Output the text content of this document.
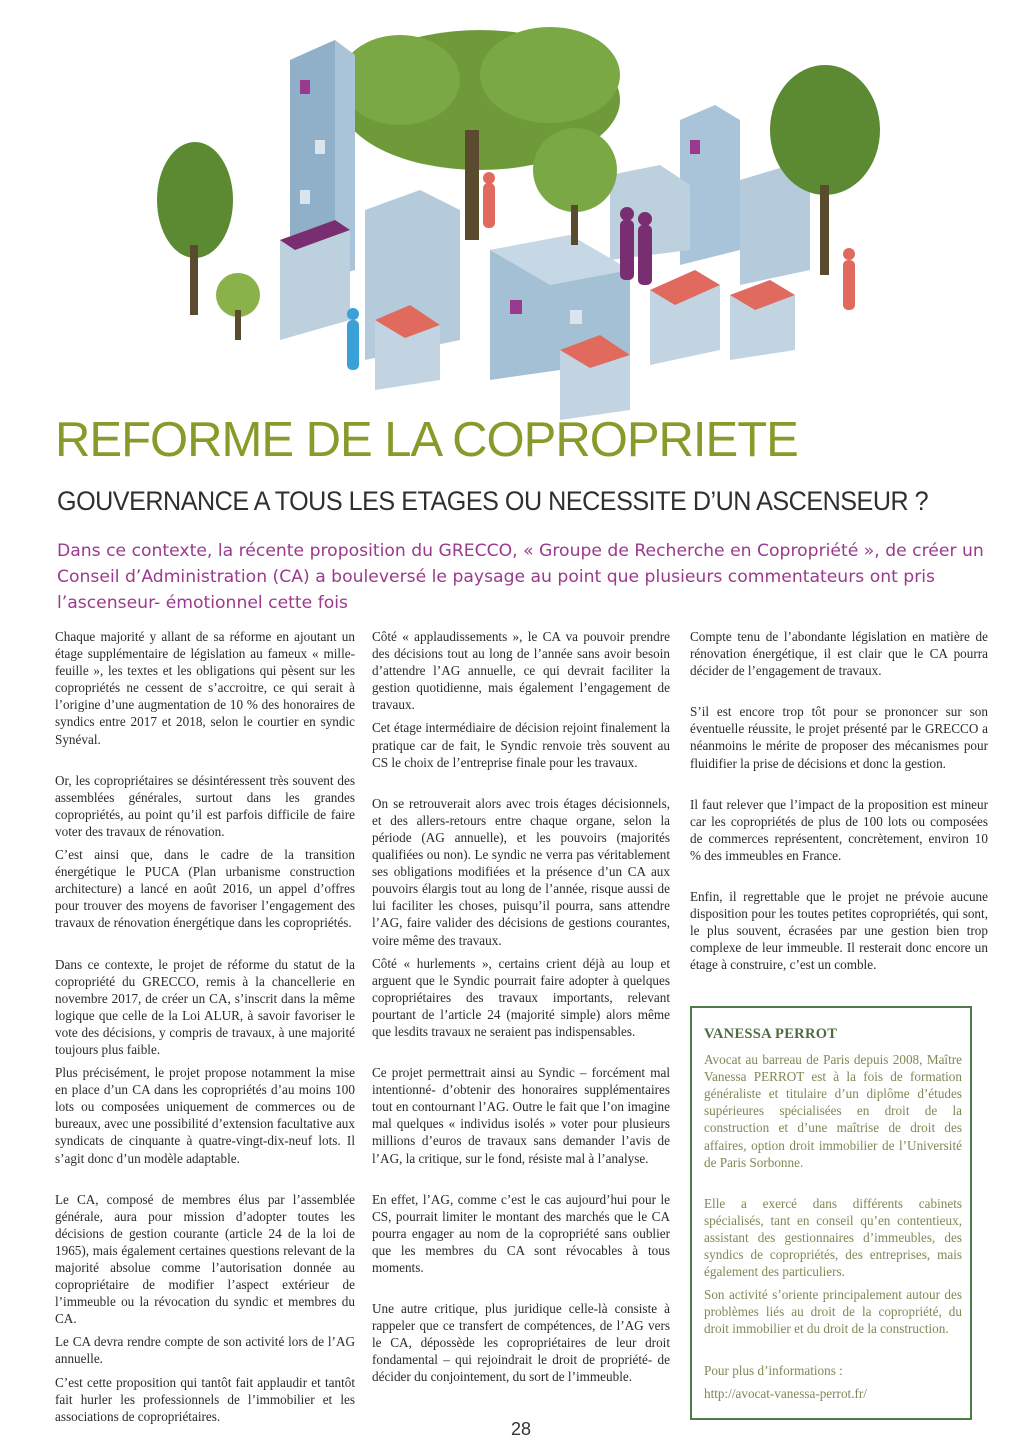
REFORME DE LA COPROPRIETE
GOUVERNANCE A TOUS LES ETAGES OU NECESSITE D’UN ASCENSEUR ?
Dans ce contexte, la récente proposition du GRECCO, « Groupe de Recherche en Copropriété », de créer un Conseil d’Administration (CA) a bouleversé le paysage au point que plusieurs commentateurs ont pris l’ascenseur- émotionnel cette fois

Chaque majorité y allant de sa réforme en ajoutant un étage supplémentaire de législation au fameux « mille-feuille », les textes et les obligations qui pèsent sur les copropriétés ne cessent de s’accroitre, ce qui serait à l’origine d’une augmentation de 10 % des honoraires de syndics entre 2017 et 2018, selon le courtier en syndic Synéval.

Or, les copropriétaires se désintéressent très souvent des assemblées générales, surtout dans les grandes copropriétés, au point qu’il est parfois difficile de faire voter des travaux de rénovation.

C’est ainsi que, dans le cadre de la transition énergétique le PUCA (Plan urbanisme construction architecture) a lancé en août 2016, un appel d’offres pour trouver des moyens de favoriser l’engagement des travaux de rénovation énergétique dans les copropriétés.

Dans ce contexte, le projet de réforme du statut de la copropriété du GRECCO, remis à la chancellerie en novembre 2017, de créer un CA, s’inscrit dans la même logique que celle de la Loi ALUR, à savoir favoriser le vote des décisions, y compris de travaux, à une majorité toujours plus faible.

Plus précisément, le projet propose notamment la mise en place d’un CA dans les copropriétés d’au moins 100 lots ou composées uniquement de commerces ou de bureaux, avec une possibilité d’extension facultative aux syndicats de cinquante à quatre-vingt-dix-neuf lots. Il s’agit donc d’un modèle adaptable.

Le CA, composé de membres élus par l’assemblée générale, aura pour mission d’adopter toutes les décisions de gestion courante (article 24 de la loi de 1965), mais également certaines questions relevant de la majorité absolue comme l’autorisation donnée au copropriétaire de modifier l’aspect extérieur de l’immeuble ou la révocation du syndic et membres du CA.

Le CA devra rendre compte de son activité lors de l’AG annuelle.

C’est cette proposition qui tantôt fait applaudir et tantôt fait hurler les professionnels de l’immobilier et les associations de copropriétaires.

Côté « applaudissements », le CA va pouvoir prendre des décisions tout au long de l’année sans avoir besoin d’attendre l’AG annuelle, ce qui devrait faciliter la gestion quotidienne, mais également l’engagement de travaux.

Cet étage intermédiaire de décision rejoint finalement la pratique car de fait, le Syndic renvoie très souvent au CS le choix de l’entreprise finale pour les travaux.

On se retrouverait alors avec trois étages décisionnels, et des allers-retours entre chaque organe, selon la période (AG annuelle), et les pouvoirs (majorités qualifiées ou non). Le syndic ne verra pas véritablement ses obligations modifiées et la présence d’un CA aux pouvoirs élargis tout au long de l’année, risque aussi de lui faciliter les choses, puisqu’il pourra, sans attendre l’AG, faire valider des décisions de gestions courantes, voire même des travaux.

Côté « hurlements », certains crient déjà au loup et arguent que le Syndic pourrait faire adopter à quelques copropriétaires des travaux importants, relevant pourtant de l’article 24 (majorité simple) alors même que lesdits travaux ne seraient pas indispensables.

Ce projet permettrait ainsi au Syndic – forcément mal intentionné- d’obtenir des honoraires supplémentaires tout en contournant l’AG. Outre le fait que l’on imagine mal quelques « individus isolés » voter pour plusieurs millions d’euros de travaux sans demander l’avis de l’AG, la critique, sur le fond, résiste mal à l’analyse.

En effet, l’AG, comme c’est le cas aujourd’hui pour le CS, pourrait limiter le montant des marchés que le CA pourra engager au nom de la copropriété sans oublier que les membres du CA sont révocables à tous moments.

Une autre critique, plus juridique celle-là consiste à rappeler que ce transfert de compétences, de l’AG vers le CA, dépossède les copropriétaires de leur droit fondamental – qui rejoindrait le droit de propriété- de décider du conjointement, du sort de l’immeuble.

Compte tenu de l’abondante législation en matière de rénovation énergétique, il est clair que le CA pourra décider de l’engagement de travaux.

S’il est encore trop tôt pour se prononcer sur son éventuelle réussite, le projet présenté par le GRECCO a néanmoins le mérite de proposer des mécanismes pour fluidifier la prise de décisions et donc la gestion.

Il faut relever que l’impact de la proposition est mineur car les copropriétés de plus de 100 lots ou composées de commerces représentent, concrètement, environ 10 % des immeubles en France.

Enfin, il regrettable que le projet ne prévoie aucune disposition pour les toutes petites copropriétés, qui sont, le plus souvent, écrasées par une gestion bien trop complexe de leur immeuble. Il resterait donc encore un étage à construire, c’est un comble.

VANESSA PERROT

Avocat au barreau de Paris depuis 2008, Maître Vanessa PERROT est à la fois de formation généraliste et titulaire d’un diplôme d’études supérieures spécialisées en droit de la construction et d’une maîtrise de droit des affaires, option droit immobilier de l’Université de Paris Sorbonne.

Elle a exercé dans différents cabinets spécialisés, tant en conseil qu’en contentieux, assistant des gestionnaires d’immeubles, des syndics de copropriétés, des entreprises, mais également des particuliers.

Son activité s’oriente principalement autour des problèmes liés au droit de la copropriété, du droit immobilier et du droit de la construction.

Pour plus d’informations :

http://avocat-vanessa-perrot.fr/

28
